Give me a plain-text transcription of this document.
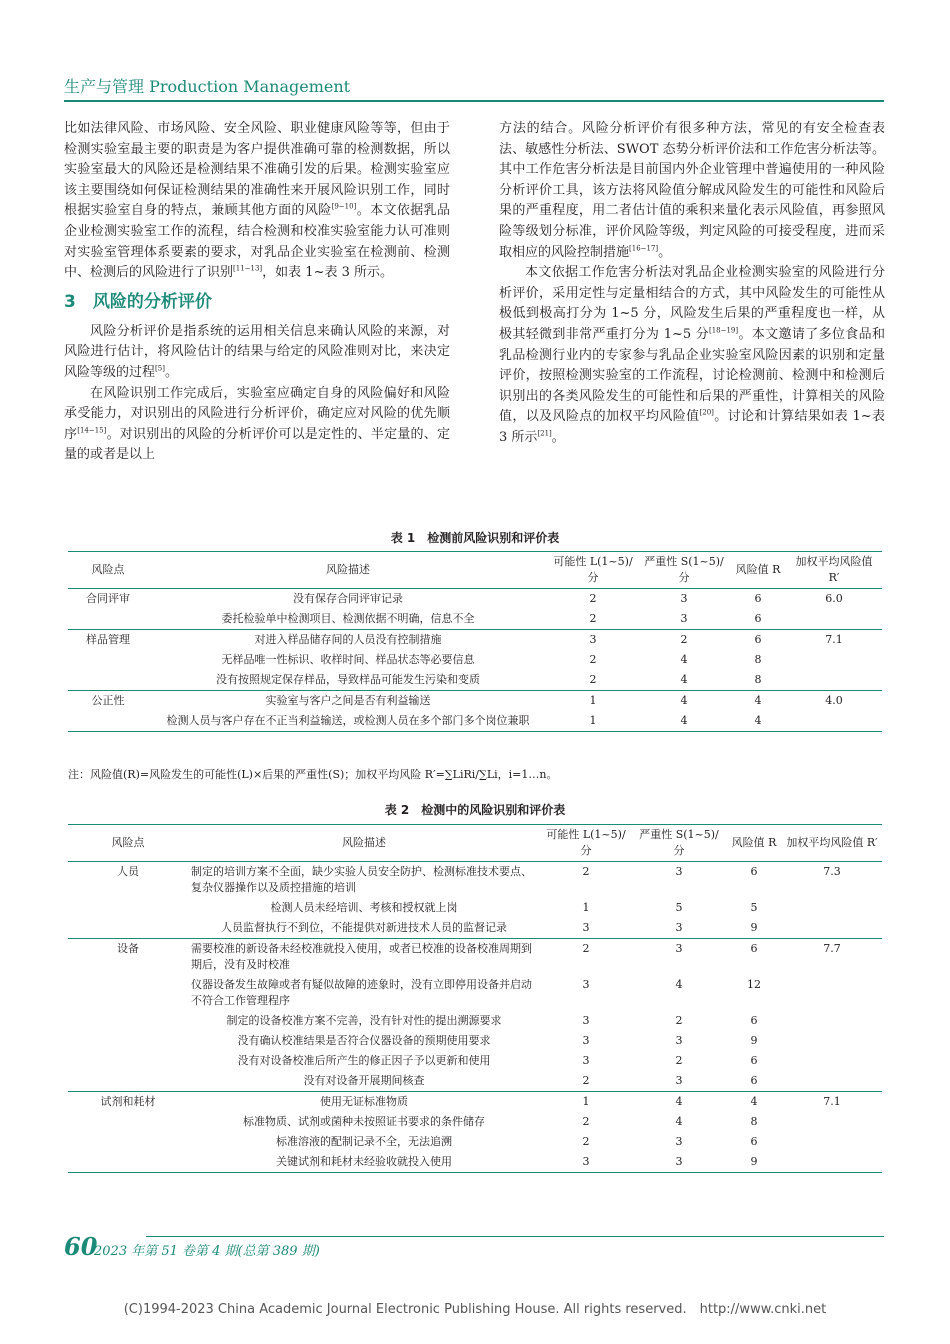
生产与管理 Production Management

比如法律风险、市场风险、安全风险、职业健康风险等等，但由于检测实验室最主要的职责是为客户提供准确可靠的检测数据，所以实验室最大的风险还是检测结果不准确引发的后果。检测实验室应该主要围绕如何保证检测结果的准确性来开展风险识别工作，同时根据实验室自身的特点，兼顾其他方面的风险[9−10]。本文依据乳品企业检测实验室工作的流程，结合检测和校准实验室能力认可准则对实验室管理体系要素的要求，对乳品企业实验室在检测前、检测中、检测后的风险进行了识别[11−13]，如表 1~表 3 所示。

3　风险的分析评价

风险分析评价是指系统的运用相关信息来确认风险的来源，对风险进行估计，将风险估计的结果与给定的风险准则对比，来决定风险等级的过程[5]。

在风险识别工作完成后，实验室应确定自身的风险偏好和风险承受能力，对识别出的风险进行分析评价，确定应对风险的优先顺序[14−15]。对识别出的风险的分析评价可以是定性的、半定量的、定量的或者是以上

方法的结合。风险分析评价有很多种方法，常见的有安全检查表法、敏感性分析法、SWOT 态势分析评价法和工作危害分析法等。其中工作危害分析法是目前国内外企业管理中普遍使用的一种风险分析评价工具，该方法将风险值分解成风险发生的可能性和风险后果的严重程度，用二者估计值的乘积来量化表示风险值，再参照风险等级划分标准，评价风险等级，判定风险的可接受程度，进而采取相应的风险控制措施[16−17]。

本文依据工作危害分析法对乳品企业检测实验室的风险进行分析评价，采用定性与定量相结合的方式，其中风险发生的可能性从极低到极高打分为 1~5 分，风险发生后果的严重程度也一样，从极其轻微到非常严重打分为 1~5 分[18−19]。本文邀请了多位食品和乳品检测行业内的专家参与乳品企业实验室风险因素的识别和定量评价，按照检测实验室的工作流程，讨论检测前、检测中和检测后识别出的各类风险发生的可能性和后果的严重性，计算相关的风险值，以及风险点的加权平均风险值[20]。讨论和计算结果如表 1~表 3 所示[21]。

表 1　检测前风险识别和评价表
风险点	风险描述	可能性 L(1~5)/分	严重性 S(1~5)/分	风险值 R	加权平均风险值 R′
合同评审	没有保存合同评审记录	2	3	6	6.0
	委托检验单中检测项目、检测依据不明确，信息不全	2	3	6	
样品管理	对进入样品储存间的人员没有控制措施	3	2	6	7.1
	无样品唯一性标识、收样时间、样品状态等必要信息	2	4	8	
	没有按照规定保存样品，导致样品可能发生污染和变质	2	4	8	
公正性	实验室与客户之间是否有利益输送	1	4	4	4.0
	检测人员与客户存在不正当利益输送，或检测人员在多个部门多个岗位兼职	1	4	4	
注：风险值(R)=风险发生的可能性(L)×后果的严重性(S)；加权平均风险 R′=∑LiRi/∑Li，i=1…n。
表 2　检测中的风险识别和评价表
风险点	风险描述	可能性 L(1~5)/分	严重性 S(1~5)/分	风险值 R	加权平均风险值 R′
人员	制定的培训方案不全面，缺少实验人员安全防护、检测标准技术要点、复杂仪器操作以及质控措施的培训	2	3	6	7.3
	检测人员未经培训、考核和授权就上岗	1	5	5	
	人员监督执行不到位，不能提供对新进技术人员的监督记录	3	3	9	
设备	需要校准的新设备未经校准就投入使用，或者已校准的设备校准周期到期后，没有及时校准	2	3	6	7.7
	仪器设备发生故障或者有疑似故障的迹象时，没有立即停用设备并启动不符合工作管理程序	3	4	12	
	制定的设备校准方案不完善，没有针对性的提出溯源要求	3	2	6	
	没有确认校准结果是否符合仪器设备的预期使用要求	3	3	9	
	没有对设备校准后所产生的修正因子予以更新和使用	3	2	6	
	没有对设备开展期间核查	2	3	6	
试剂和耗材	使用无证标准物质	1	4	4	7.1
	标准物质、试剂或菌种未按照证书要求的条件储存	2	4	8	
	标准溶液的配制记录不全，无法追溯	2	3	6	
	关键试剂和耗材未经验收就投入使用	3	3	9	
60
2023 年第 51 卷第 4 期(总第 389 期)
(C)1994-2023 China Academic Journal Electronic Publishing House. All rights reserved.　http://www.cnki.net
